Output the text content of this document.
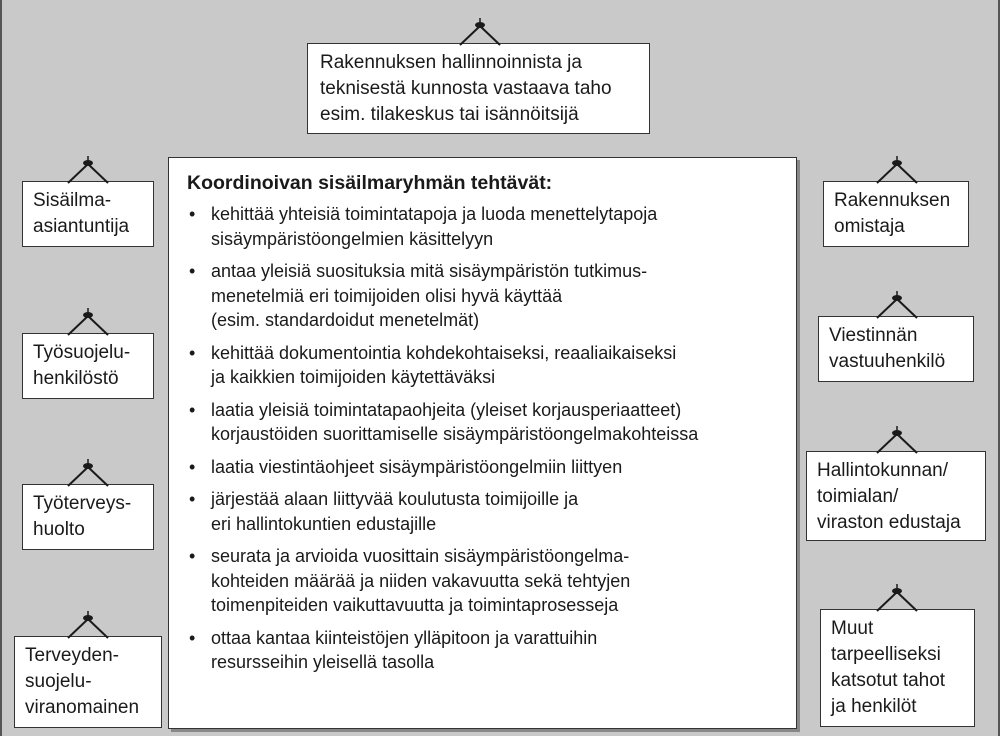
Rakennuksen hallinnoinnista ja
teknisestä kunnosta vastaava taho
esim. tilakeskus tai isännöitsijä
Sisäilma-
asiantuntija
Työsuojelu-
henkilöstö
Työterveys-
huolto
Terveyden-
suojelu-
viranomainen
Rakennuksen
omistaja
Viestinnän
vastuuhenkilö
Hallintokunnan/
toimialan/
viraston edustaja
Muut
tarpeelliseksi
katsotut tahot
ja henkilöt
Koordinoivan sisäilmaryhmän tehtävät:
• kehittää yhteisiä toimintatapoja ja luoda menettelytapoja
sisäympäristöongelmien käsittelyyn
• antaa yleisiä suosituksia mitä sisäympäristön tutkimus-
menetelmiä eri toimijoiden olisi hyvä käyttää
(esim. standardoidut menetelmät)
• kehittää dokumentointia kohdekohtaiseksi, reaaliaikaiseksi
ja kaikkien toimijoiden käytettäväksi
• laatia yleisiä toimintatapaohjeita (yleiset korjausperiaatteet)
korjaustöiden suorittamiselle sisäympäristöongelmakohteissa
• laatia viestintäohjeet sisäympäristöongelmiin liittyen
• järjestää alaan liittyvää koulutusta toimijoille ja
eri hallintokuntien edustajille
• seurata ja arvioida vuosittain sisäympäristöongelma-
kohteiden määrää ja niiden vakavuutta sekä tehtyjen
toimenpiteiden vaikuttavuutta ja toimintaprosesseja
• ottaa kantaa kiinteistöjen ylläpitoon ja varattuihin
resursseihin yleisellä tasolla
